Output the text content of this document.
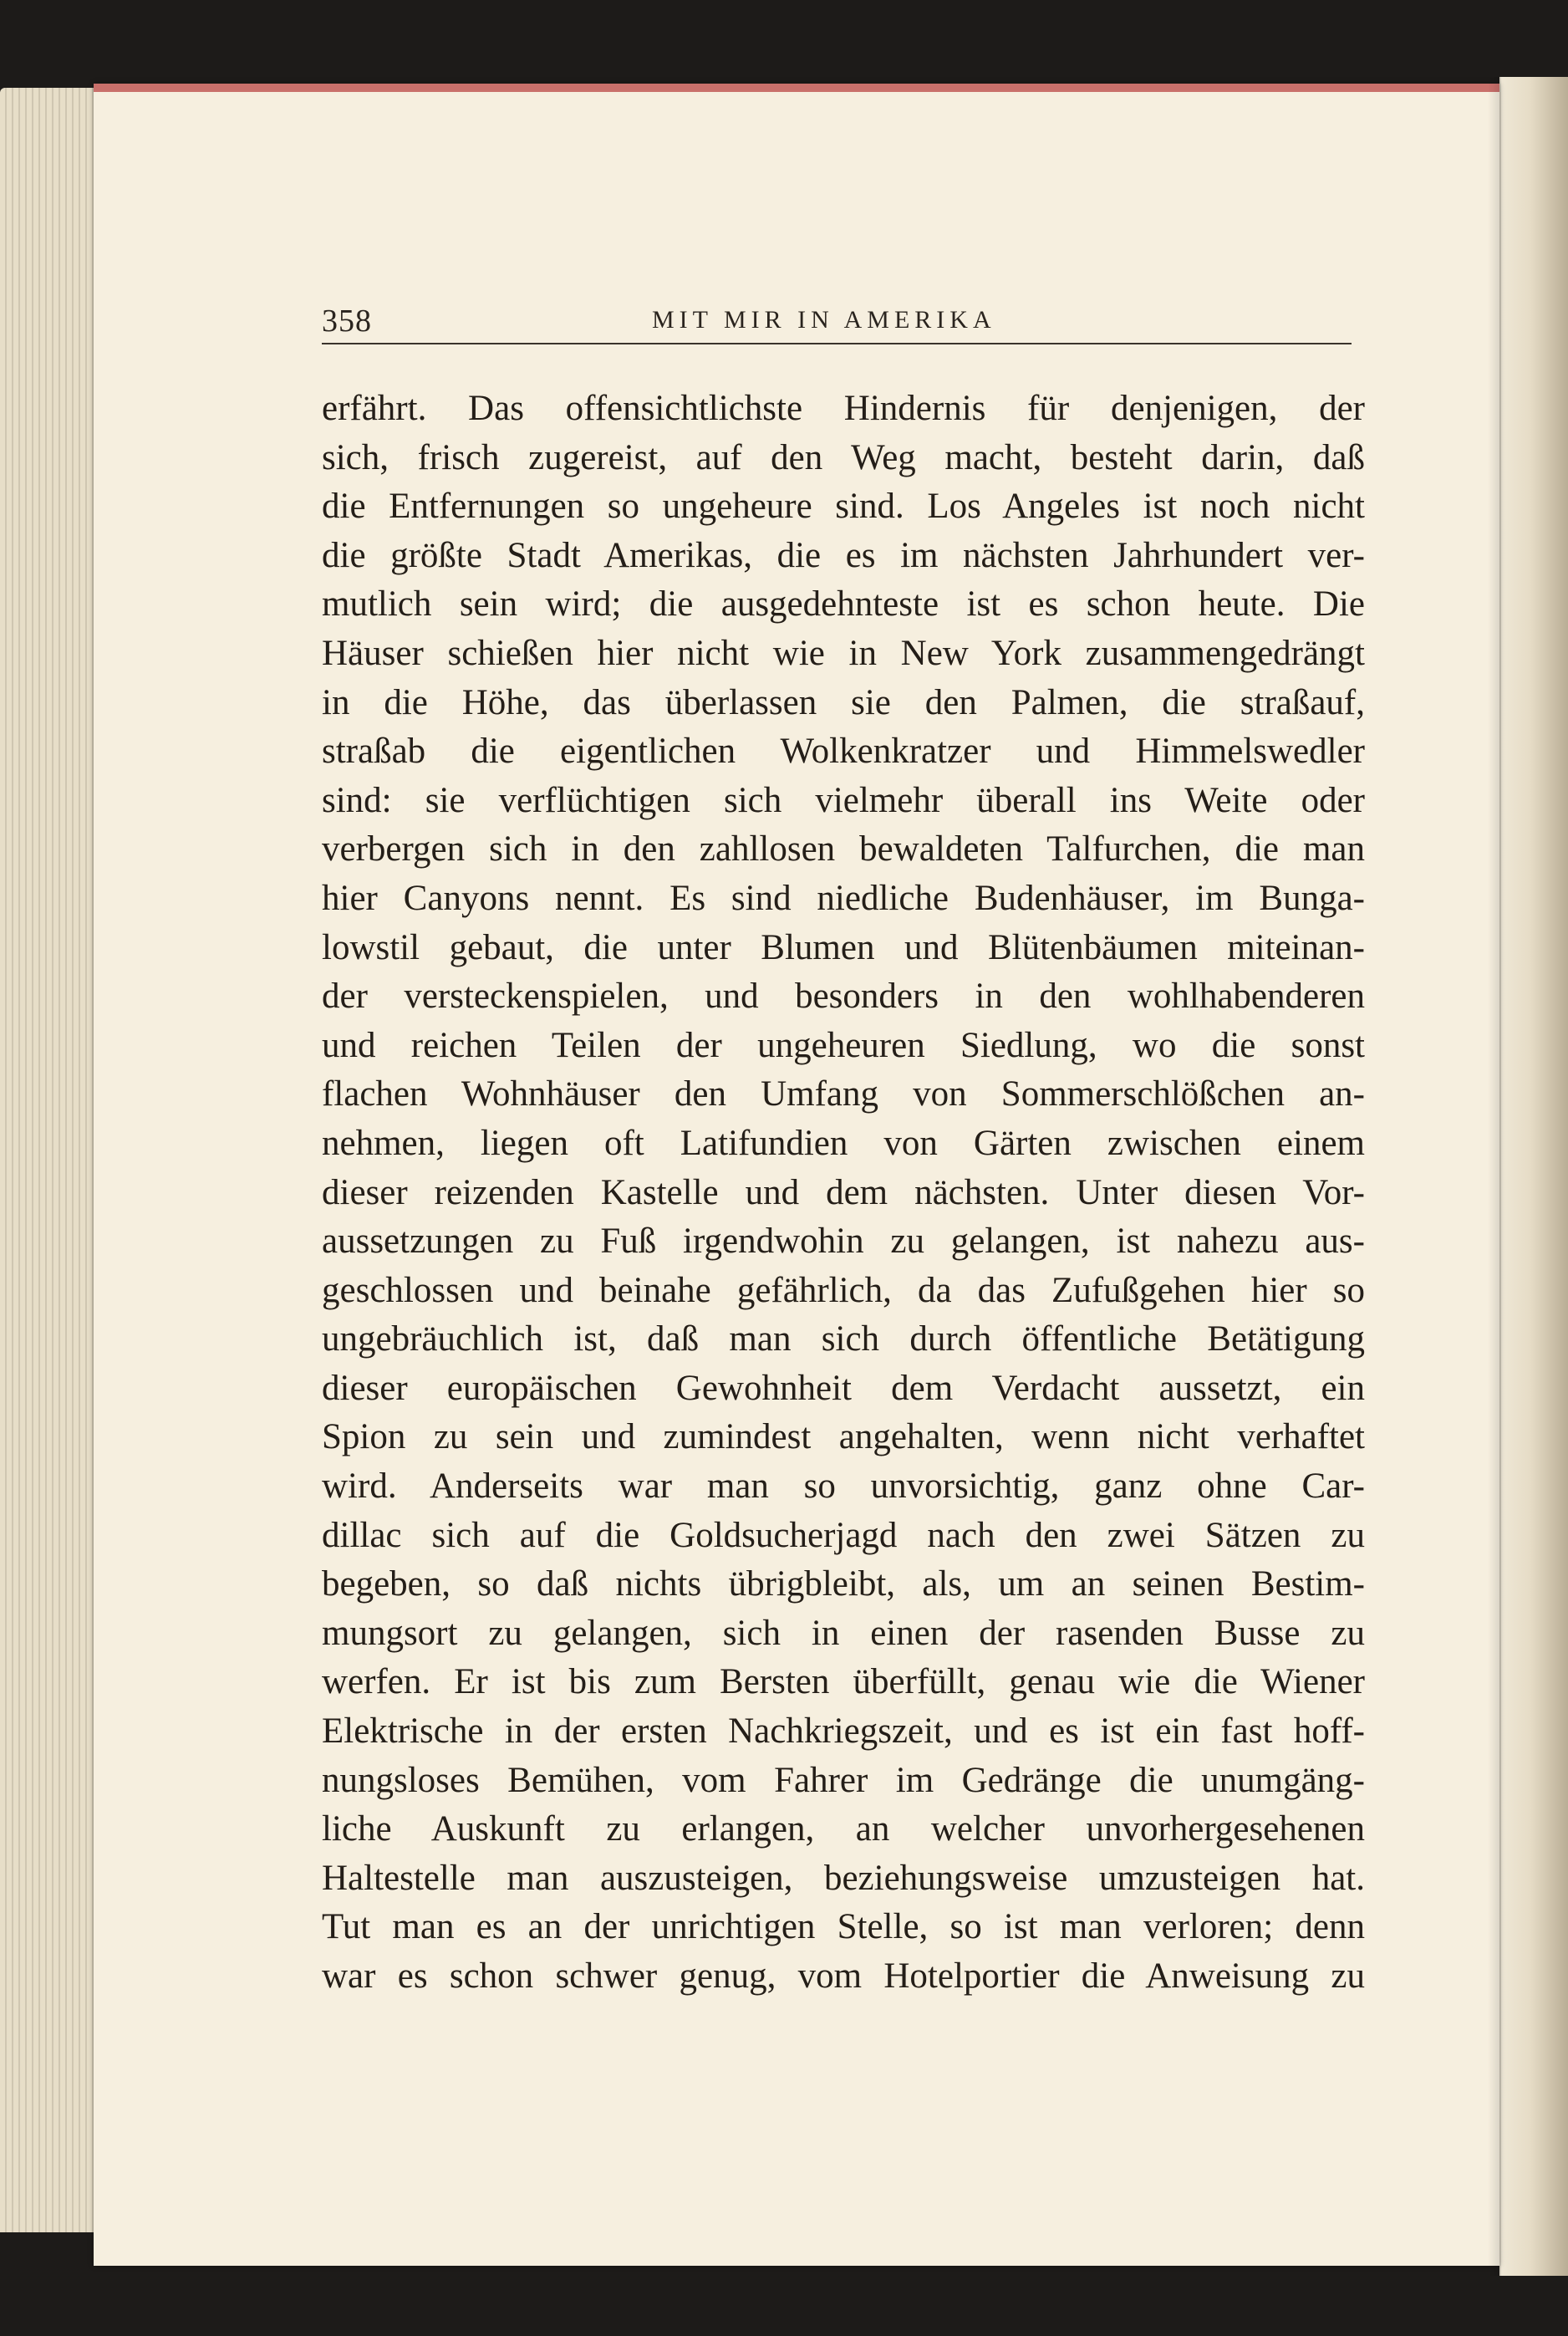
358	MIT MIR IN AMERIKA
erfährt. Das offensichtlichste Hindernis für denjenigen, der
sich, frisch zugereist, auf den Weg macht, besteht darin, daß
die Entfernungen so ungeheure sind. Los Angeles ist noch nicht
die größte Stadt Amerikas, die es im nächsten Jahrhundert ver-
mutlich sein wird; die ausgedehnteste ist es schon heute. Die
Häuser schießen hier nicht wie in New York zusammengedrängt
in die Höhe, das überlassen sie den Palmen, die straßauf,
straßab die eigentlichen Wolkenkratzer und Himmelswedler
sind: sie verflüchtigen sich vielmehr überall ins Weite oder
verbergen sich in den zahllosen bewaldeten Talfurchen, die man
hier Canyons nennt. Es sind niedliche Budenhäuser, im Bunga-
lowstil gebaut, die unter Blumen und Blütenbäumen miteinan-
der versteckenspielen, und besonders in den wohlhabenderen
und reichen Teilen der ungeheuren Siedlung, wo die sonst
flachen Wohnhäuser den Umfang von Sommerschlößchen an-
nehmen, liegen oft Latifundien von Gärten zwischen einem
dieser reizenden Kastelle und dem nächsten. Unter diesen Vor-
aussetzungen zu Fuß irgendwohin zu gelangen, ist nahezu aus-
geschlossen und beinahe gefährlich, da das Zufußgehen hier so
ungebräuchlich ist, daß man sich durch öffentliche Betätigung
dieser europäischen Gewohnheit dem Verdacht aussetzt, ein
Spion zu sein und zumindest angehalten, wenn nicht verhaftet
wird. Anderseits war man so unvorsichtig, ganz ohne Car-
dillac sich auf die Goldsucherjagd nach den zwei Sätzen zu
begeben, so daß nichts übrigbleibt, als, um an seinen Bestim-
mungsort zu gelangen, sich in einen der rasenden Busse zu
werfen. Er ist bis zum Bersten überfüllt, genau wie die Wiener
Elektrische in der ersten Nachkriegszeit, und es ist ein fast hoff-
nungsloses Bemühen, vom Fahrer im Gedränge die unumgäng-
liche Auskunft zu erlangen, an welcher unvorhergesehenen
Haltestelle man auszusteigen, beziehungsweise umzusteigen hat.
Tut man es an der unrichtigen Stelle, so ist man verloren; denn
war es schon schwer genug, vom Hotelportier die Anweisung zu
